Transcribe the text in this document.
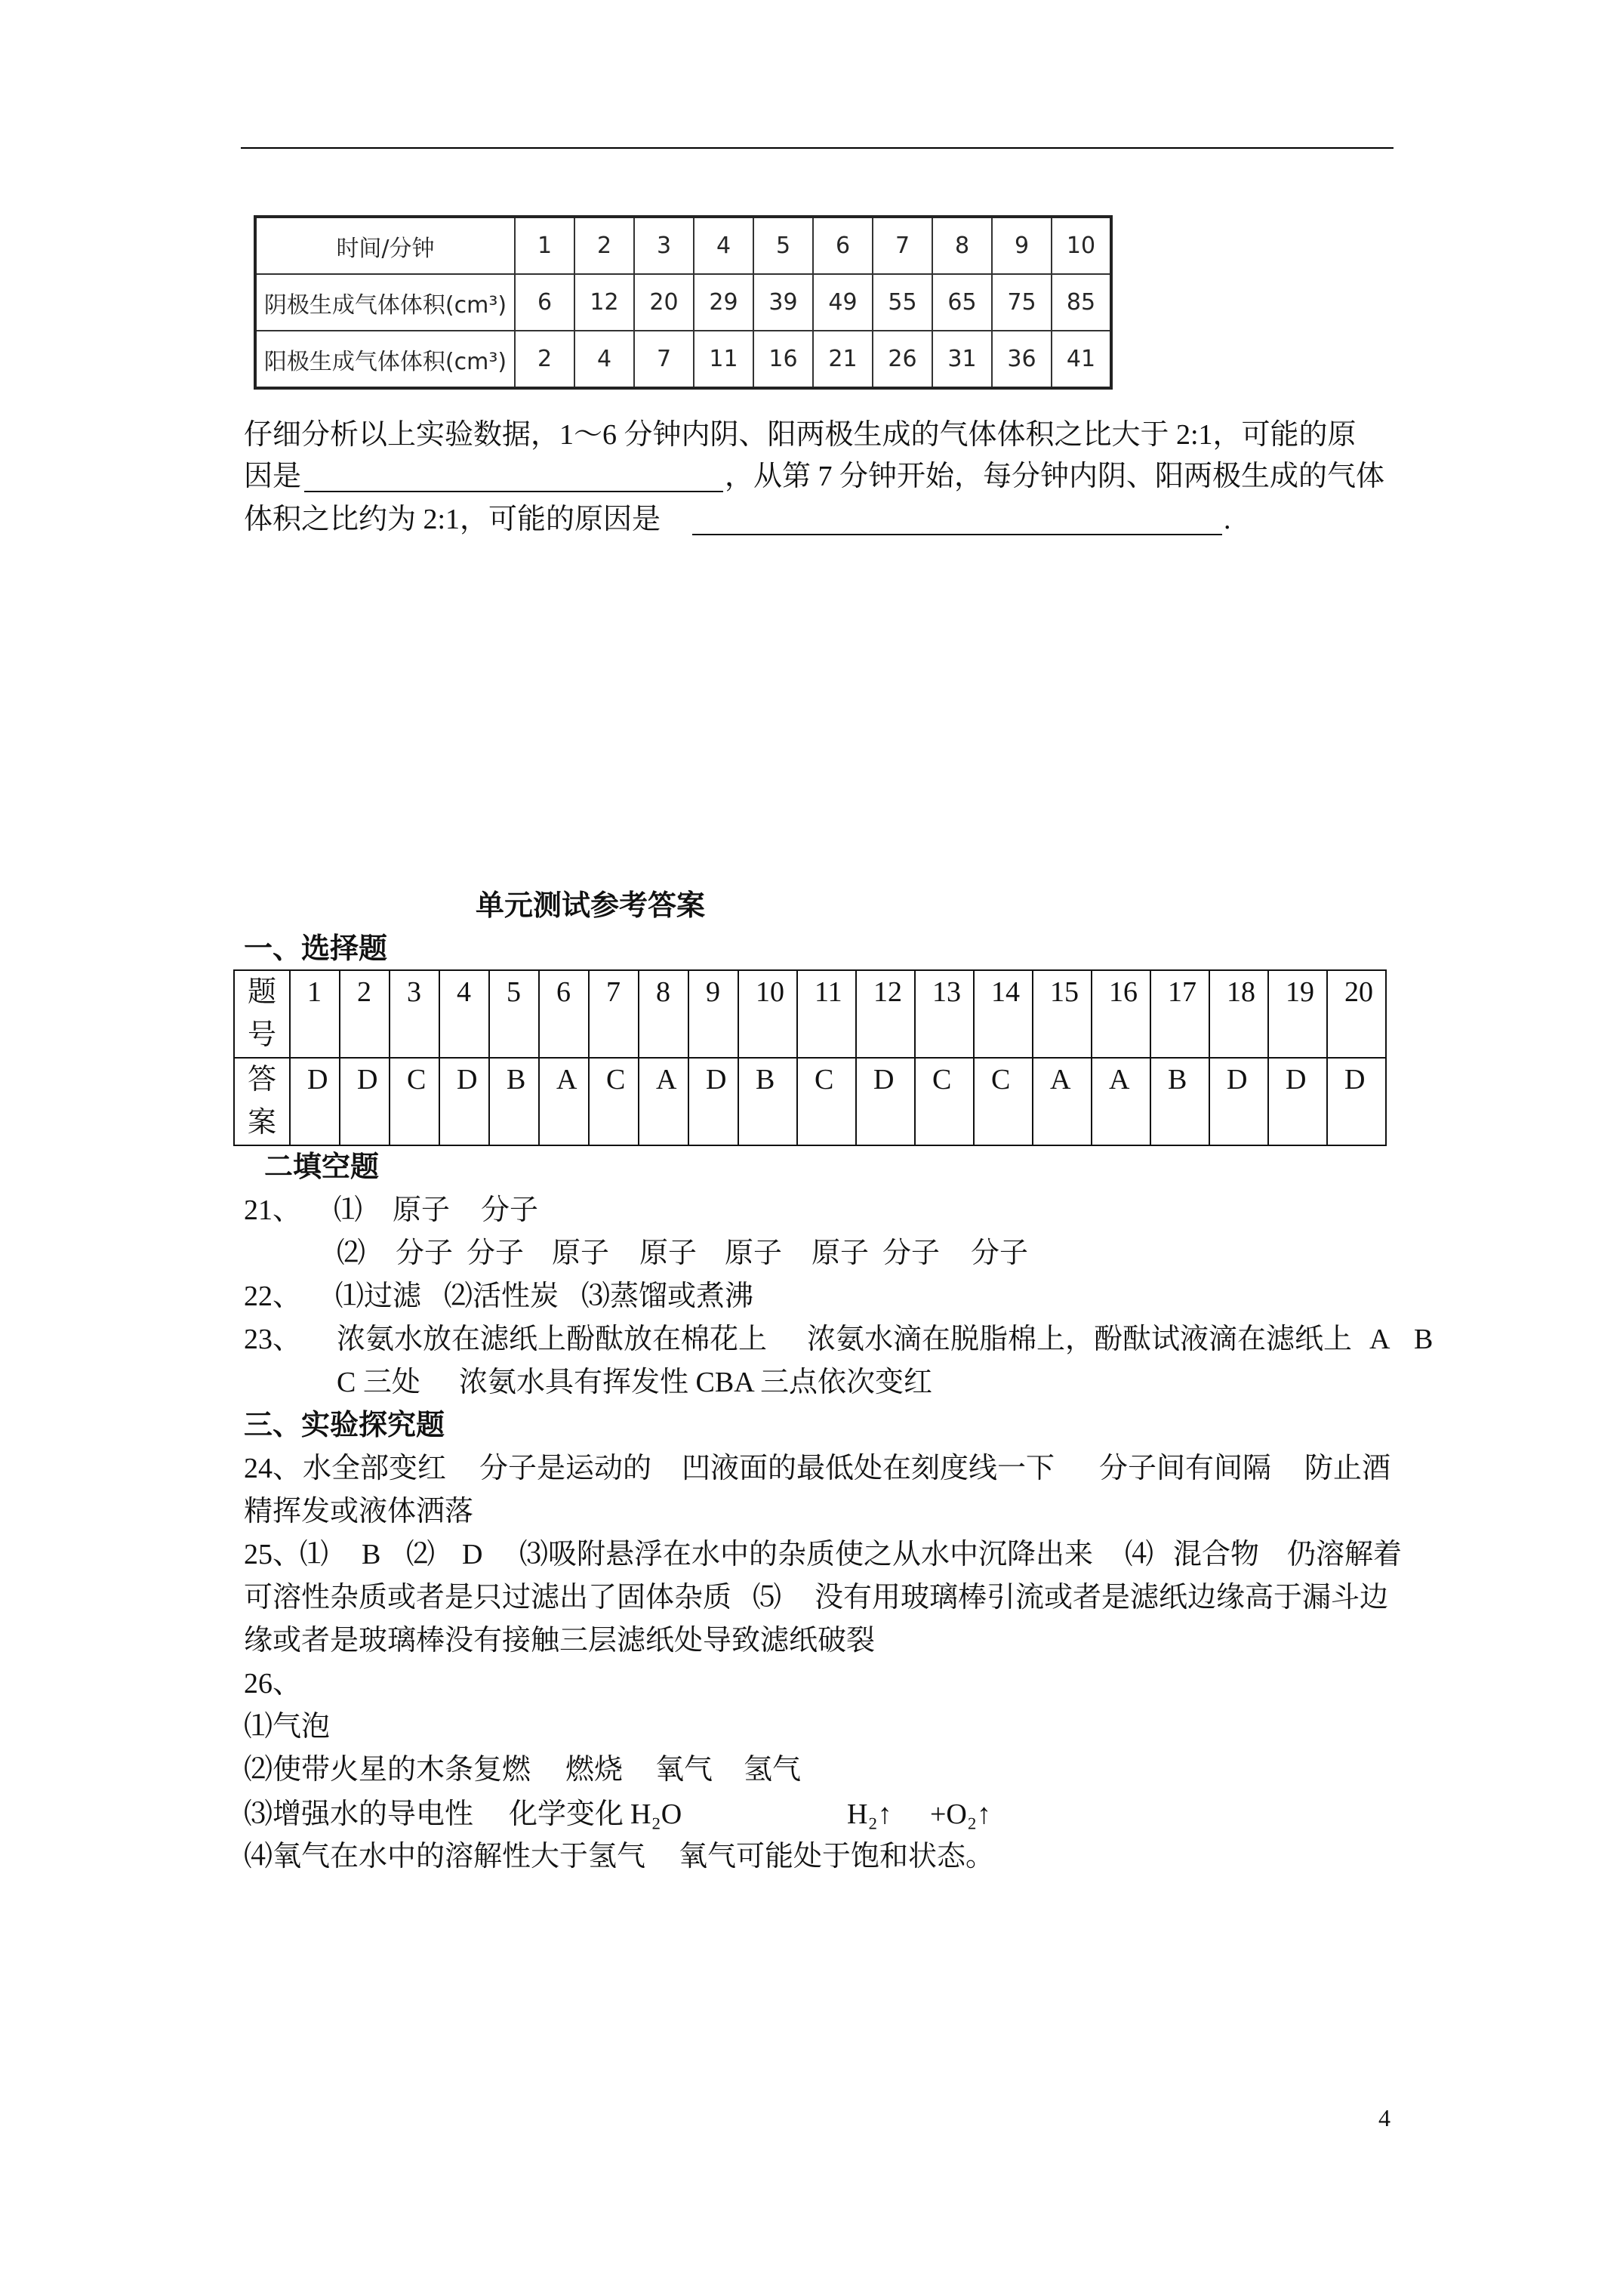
时间/分钟	1	2	3	4	5	6	7	8	9	10
阴极生成气体体积(cm³)	6	12	20	29	39	49	55	65	75	85
阳极生成气体体积(cm³)	2	4	7	11	16	21	26	31	36	41
仔细分析以上实验数据，1～6 分钟内阴、阳两极生成的气体体积之比大于 2:1，可能的原
因是	，从第 7 分钟开始，每分钟内阴、阳两极生成的气体
体积之比约为 2:1，可能的原因是	.
单元测试参考答案
一、选择题
题
号	1	2	3	4	5	6	7	8	9	10	11	12	13	14	15	16	17	18	19	20

答
案	D	D	C	D	B	A	C	A	D	B	C	D	C	C	A	A	B	D	D	D
二填空题
21、 ⑴ 原子 分子
⑵ 分子 分子 原子 原子 原子 原子 分子 分子
22、 ⑴过滤 ⑵活性炭 ⑶蒸馏或煮沸
23、 浓氨水放在滤纸上酚酞放在棉花上 浓氨水滴在脱脂棉上，酚酞试液滴在滤纸上 A B
C 三处 浓氨水具有挥发性 CBA 三点依次变红
三、实验探究题
24、 水全部变红 分子是运动的 凹液面的最低处在刻度线一下 分子间有间隔 防止酒
精挥发或液体洒落
25、
⑴ B ⑵ D ⑶吸附悬浮在水中的杂质使之从水中沉降出来 ⑷ 混合物 仍溶解着
可溶性杂质或者是只过滤出了固体杂质 ⑸ 没有用玻璃棒引流或者是滤纸边缘高于漏斗边
缘或者是玻璃棒没有接触三层滤纸处导致滤纸破裂
26、
⑴气泡
⑵使带火星的木条复燃 燃烧 氧气 氢气
⑶增强水的导电性 化学变化 H₂O	H₂↑ +O₂↑
⑷氧气在水中的溶解性大于氢气 氧气可能处于饱和状态。
4
